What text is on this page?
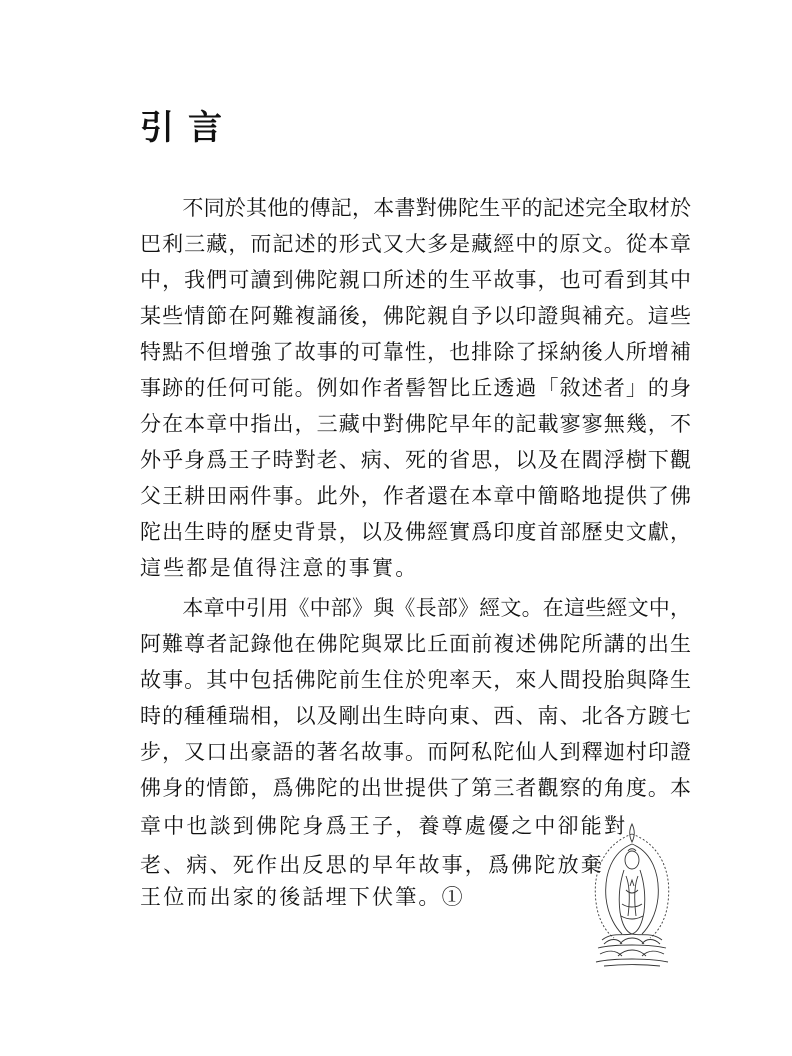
引言

　　不同於其他的傳記，本書對佛陀生平的記述完全取材於

巴利三藏，而記述的形式又大多是藏經中的原文。從本章

中，我們可讀到佛陀親口所述的生平故事，也可看到其中

某些情節在阿難複誦後，佛陀親自予以印證與補充。這些

特點不但增強了故事的可靠性，也排除了採納後人所增補

事跡的任何可能。例如作者髻智比丘透過「敘述者」的身

分在本章中指出，三藏中對佛陀早年的記載寥寥無幾，不

外乎身爲王子時對老、病、死的省思，以及在閻浮樹下觀

父王耕田兩件事。此外，作者還在本章中簡略地提供了佛

陀出生時的歷史背景，以及佛經實爲印度首部歷史文獻，

這些都是值得注意的事實。

　　本章中引用《中部》與《長部》經文。在這些經文中，

阿難尊者記錄他在佛陀與眾比丘面前複述佛陀所講的出生

故事。其中包括佛陀前生住於兜率天，來人間投胎與降生

時的種種瑞相，以及剛出生時向東、西、南、北各方踱七

步，又口出豪語的著名故事。而阿私陀仙人到釋迦村印證

佛身的情節，爲佛陀的出世提供了第三者觀察的角度。本

章中也談到佛陀身爲王子，養尊處優之中卻能對

老、病、死作出反思的早年故事，爲佛陀放棄

王位而出家的後話埋下伏筆。①
